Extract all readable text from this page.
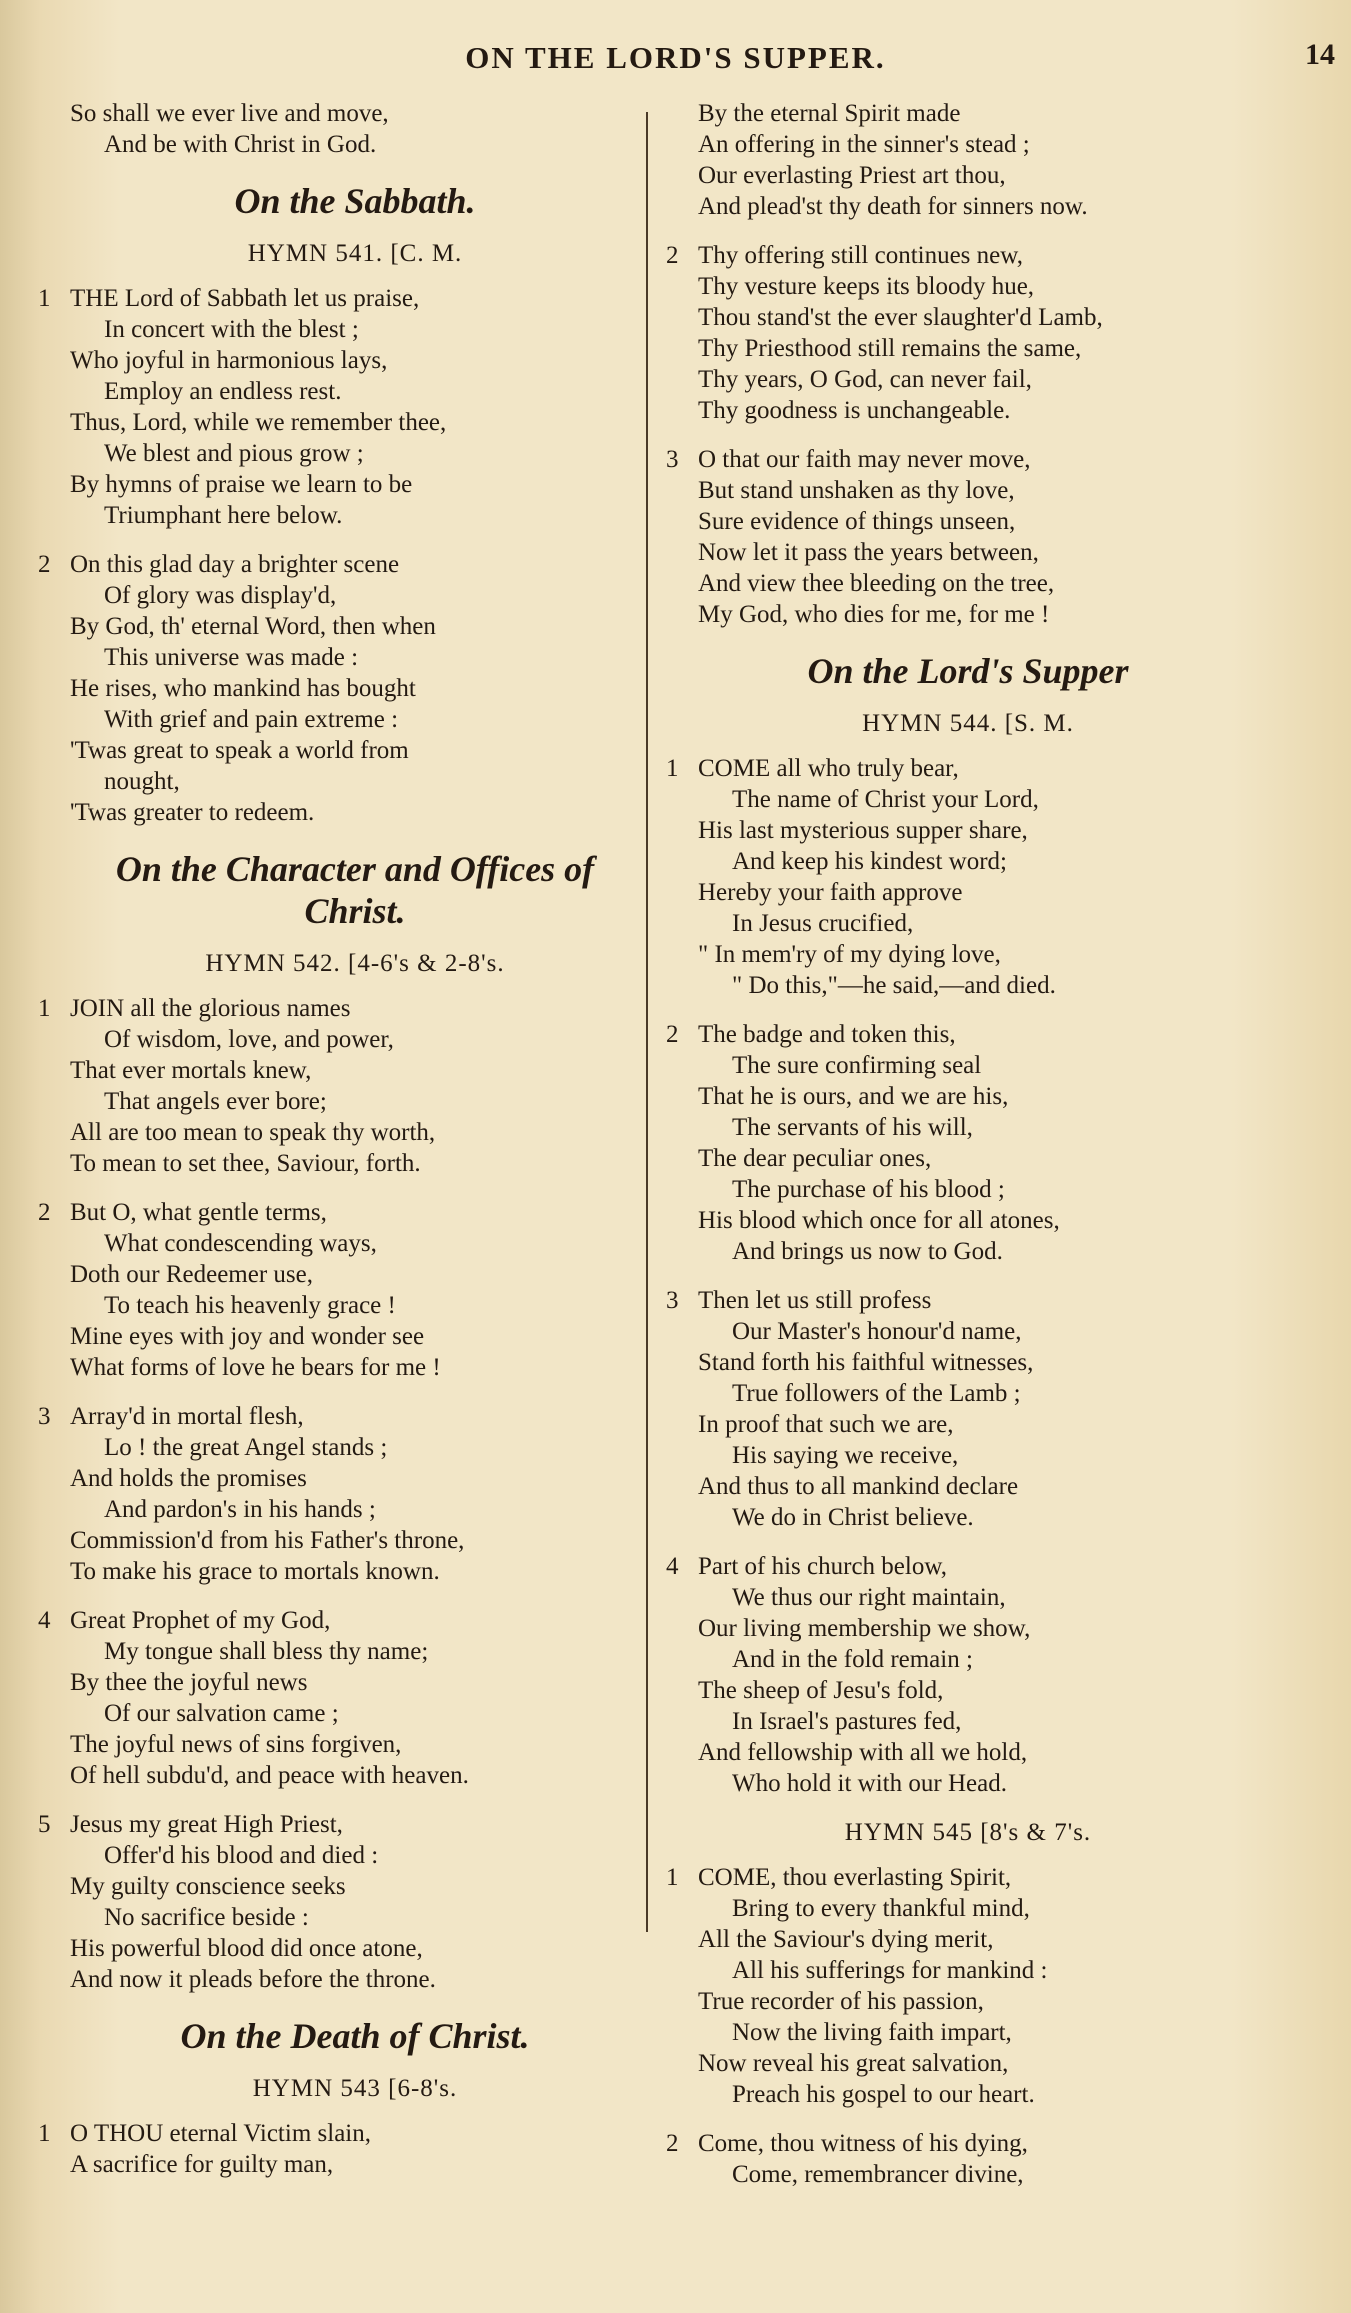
ON THE LORD'S SUPPER.	14
So shall we ever live and move,
And be with Christ in God.
On the Sabbath.
HYMN 541. [C. M.
1 THE Lord of Sabbath let us praise,
In concert with the blest ;
Who joyful in harmonious lays,
Employ an endless rest.
Thus, Lord, while we remember thee,
We blest and pious grow ;
By hymns of praise we learn to be
Triumphant here below.
2 On this glad day a brighter scene
Of glory was display'd,
By God, th' eternal Word, then when
This universe was made :
He rises, who mankind has bought
With grief and pain extreme :
'Twas great to speak a world from
nought,
'Twas greater to redeem.
On the Character and Offices of
Christ.
HYMN 542. [4-6's & 2-8's.
1 JOIN all the glorious names
Of wisdom, love, and power,
That ever mortals knew,
That angels ever bore;
All are too mean to speak thy worth,
To mean to set thee, Saviour, forth.
2 But O, what gentle terms,
What condescending ways,
Doth our Redeemer use,
To teach his heavenly grace !
Mine eyes with joy and wonder see
What forms of love he bears for me !
3 Array'd in mortal flesh,
Lo ! the great Angel stands ;
And holds the promises
And pardon's in his hands ;
Commission'd from his Father's throne,
To make his grace to mortals known.
4 Great Prophet of my God,
My tongue shall bless thy name;
By thee the joyful news
Of our salvation came ;
The joyful news of sins forgiven,
Of hell subdu'd, and peace with heaven.
5 Jesus my great High Priest,
Offer'd his blood and died :
My guilty conscience seeks
No sacrifice beside :
His powerful blood did once atone,
And now it pleads before the throne.
On the Death of Christ.
HYMN 543 [6-8's.
1 O THOU eternal Victim slain,
A sacrifice for guilty man,
By the eternal Spirit made
An offering in the sinner's stead ;
Our everlasting Priest art thou,
And plead'st thy death for sinners now.
2 Thy offering still continues new,
Thy vesture keeps its bloody hue,
Thou stand'st the ever slaughter'd Lamb,
Thy Priesthood still remains the same,
Thy years, O God, can never fail,
Thy goodness is unchangeable.
3 O that our faith may never move,
But stand unshaken as thy love,
Sure evidence of things unseen,
Now let it pass the years between,
And view thee bleeding on the tree,
My God, who dies for me, for me !
On the Lord's Supper
HYMN 544. [S. M.
1 COME all who truly bear,
The name of Christ your Lord,
His last mysterious supper share,
And keep his kindest word;
Hereby your faith approve
In Jesus crucified,
" In mem'ry of my dying love,
" Do this,"—he said,—and died.
2 The badge and token this,
The sure confirming seal
That he is ours, and we are his,
The servants of his will,
The dear peculiar ones,
The purchase of his blood ;
His blood which once for all atones,
And brings us now to God.
3 Then let us still profess
Our Master's honour'd name,
Stand forth his faithful witnesses,
True followers of the Lamb ;
In proof that such we are,
His saying we receive,
And thus to all mankind declare
We do in Christ believe.
4 Part of his church below,
We thus our right maintain,
Our living membership we show,
And in the fold remain ;
The sheep of Jesu's fold,
In Israel's pastures fed,
And fellowship with all we hold,
Who hold it with our Head.
HYMN 545 [8's & 7's.
1 COME, thou everlasting Spirit,
Bring to every thankful mind,
All the Saviour's dying merit,
All his sufferings for mankind :
True recorder of his passion,
Now the living faith impart,
Now reveal his great salvation,
Preach his gospel to our heart.
2 Come, thou witness of his dying,
Come, remembrancer divine,
